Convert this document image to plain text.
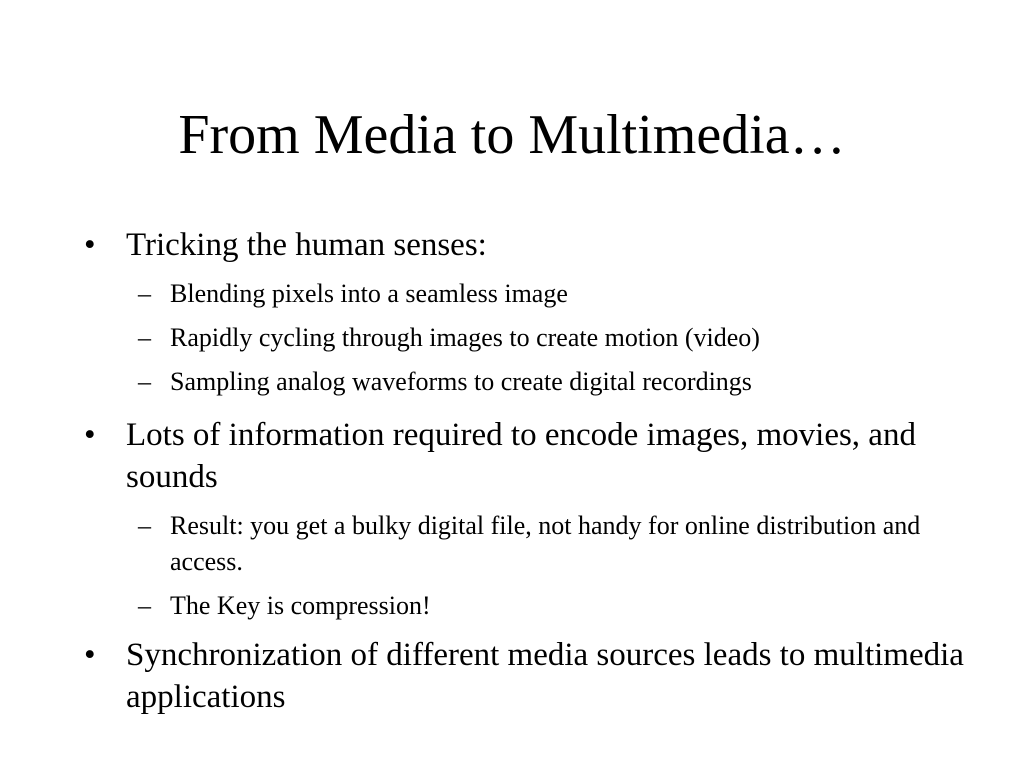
From Media to Multimedia…
• Tricking the human senses:
– Blending pixels into a seamless image
– Rapidly cycling through images to create motion (video)
– Sampling analog waveforms to create digital recordings
• Lots of information required to encode images, movies, and sounds
– Result: you get a bulky digital file, not handy for online distribution and access.
– The Key is compression!
• Synchronization of different media sources leads to multimedia applications
